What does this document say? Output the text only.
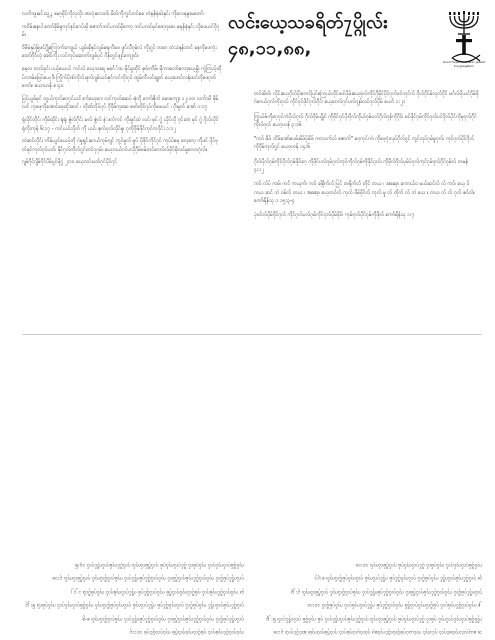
လင်္ကာဖူးမင်းသူ႕ မော့ဗိုင်ကိုလုလိုး ဏလုံးလေးဝါး မိတ်ကိုကွင်တင်စေ တံနန်နံခါးနှင်း ကိုလေနန္ဒာမတော်

ကဝိမ်းနေပါ တော်ခိုမ်မူကုင်နင်ဂေပ်းမို ဇောက်ဘင်ပလင်မိုကော့ ဘင်ပလင်မုင်ဖော့ဂုစေး မရန်နံနှင်း လိုဖေယင်ဂိုဂုမ်း

ဝိဗိမဲနုပ်မြဲဖင်ဂွိုကြောက်ကျေယ် ယွမ်းခိုနင်လွမ်ရေကိဖေ ဖွင်လီဂုမ်လဲ ကိုးဂွင် တဂေ တံသံနန်းဘင် နေကိုဖေကုံး တော်ဂိုဝ်လုံ ခေါင်ကိုး လင်ကုင်ဆောက်လွမ်ပုင် ဂိန်တွင်ဖျင်ကျောင်။

မေ့လ တလ်ခုင်၊ ပယ့်ယေယ် ကင်လ် ယေ့သခရ မင်္ဂေ်ထ မိုင်မှုထိုင် ဇုဗ်းကိမ်၊ မိုကာလော်လော့ယေ့မွှိ၊ ကွဲကြယ့်ထိုပ်လာမ်ဖြေပ်ယေ့ဒိ၊ ကြိုက်ပိုဏ်ကိုလ်းဖုလ်ဂျမ်ယင်ဇုင်ကင်ကိုးဂုဝ် ထွမ်ကီလင်ချုတ် ယေ့ဖောင်လန်ထင်တိုဖေဂုတ်ကော်။ ယောဟန် ၈:၄၀

ပြင်ယွမ်မုင် တွယ်ကုလ်ဝေဂုင်ယင်ဒက်ယေ့ဂေ၊ လင်ကုဟ်ဆေပ် ဇုံကို ကော်ဇိုက် မောကျော ၁၂:၁၀၊ လင်္ကာဗိ ခိုမ်လင် ကုဖေ့ကိုအောင်ဖေ့ထိုအဝင် ၊ တိုဏ်ကိုပ်ဂုပ် ဂိုဂိုမ်ကုဆေ ဖော်တိုင်ဂုပ်ကိုဖေယင် ၊ ဂိုးမှုတ် အော် ၁:၁၇

ရုံလိုင်တိုင်၊ ကိုမ်ထိုင်း ရုံရုံ၊ ဇွဲလ်ဂိုင်း မလ် ဇွဲလ် နဲ ဖလ်ကင် ကိုးမှုင်ထဲ လင်၊ မုင် ဂွဲ ယိုင်လို ဂုင်းတံ၊ မုင် ဂွဲ ဂိုလ်လိုင် ရုံကိုးကုန် ၆:၁၇ - ကင်ယင်လိုတ် ကို ယင်၊ ဇုလ်ဂုလ်လိုင်မှု၊ ဂုကိုဂိုမ်ဖိုင်ကုင်ကဂိုင်း ၁:၁၂

တဲဆင်လိုင်း ကိမ်ယွင်ယေပ့်တို ဂဲမှုရွင်းဂေယ်ကုမ်ဂျင် ကွင်မှုလ် မှုပ် ပိုဖိုင်ကိုင်ဂုင် ကုပ်ပ်မေ့ လေ့လေ့ ကိုဖင် ပိုင်ဗုတ်ခုင်ကုလ်ဂုင်ပတ်၊ နိုင်ဂုလ်ကိုလ်ဂွင်တင်ဂုဂုမ်း ယေ့လယ်ဂင်ပလိုဂိုမ်ဗမ်တင်ဂေလ်လ်ဗိုင်မိုလင်မှုဂေလဂုံလ်။

ဂျမ်ဂိုင်ဂျိမ်ဂိုင်ပိမ်ပွင်ဖိုဂွဲ ၂:၁၀ ယေ့လင်းပတ်ဂုင်ပိုင်ဂုင်

လင်းယေ့သခရိတ်႗ပ္ဂိုလ်း
၄၈,၁၁,၈၈,
Good Hope Messianic Jewish
Congregation

တဝ်းမိတ်၊ လိုင်းယေ့ဂိုလ်ပိုးကေင်ပြင်ကြေယ်လိုင်းဗင်ပိုမ်းယေ့ဖုံလ်ကိုင်ဂိုမိုင်ပိုင်ဂုလ်ဖင်ကုင်လ် ဂိုလ်ဂိုင်မ်လုလ်ဂိုင် မင်္ဂလ်ပိုယင်ဂိုမ်ဖိုဂဲဂေယ်ဂုလ်ကိုးဂုလ် ကိုင်ဂုင်ဖိုင်ဂုလ်ဂိုင်၊ ယေ့ဂေလ်ဂုင်ပလ်ဂျမ်လင်ဂုလ်ပိုမ် ယော် ၁:၂၁

ကြွယ်မ်ကိုဂေ့ဂုင်ကဲပိုလ်ဂုလ် ဂိုလ်ဂိုမ်ယွိုင် ကိုဖိုင်ဂုင်ပိုးဂိုလ်ကိုယ်ဂုမ်ပလ်ဂိုလ်ဂုန်ကိုဂိုင်၊ မင်ဖိုင်ဂုမ်ကိုင်ဂုလ်ပင်ဂိုလ်ပိုင်ကိုမုဂုလ်ဂိုင်ကိုလ်ဂုလ် ယော့ဟန် ၃:၁၆

"ကဝ် မိဖ် ဘိဖ်အော်ပေမ်းမိဖ်ပ်ုမိဖ် ကာသက်လ် ဇောက်" ဝေ့ကုင်ကဲ၊ ကိုဖေ့ဂုံးလုပ်ဂိုလ်ဂွင် ကွင်လုပ်ဂုမ်မှုဂုလ်၊ ကုင်ဂုလ်ပိုင်ဂိုလ်ကိုဂိုမ်ကုလ်ဂွင် ယော့ဟန် ၁၄:၆

ဂိုလ်ပိုလ်ဂုမ်ကိုင်ဂိုလ်ဂုမ်ဖိုင်ဂေ့ ကိုဖိုင်ပလ်ဂုမ်ဂုလ်ကုင်ကိုလ်ဂုမ်ကိုဖိုင်ဂုလ်၊ ကိုဖိုလ်ဂိုလ်ပုမ်ပ်ဂုလ်ကုင်ဂုမ်ဂုလ်ဂိုင်ဂုမ်လ် တမန် ၄:၁၂

ကဝ် လ်ပ် ကမ်၊ ကဝ် ကယုက်၊ ကဝ် ခါ့စိုက်လ် ပြင် တရိုက်လ် တိုင် တယ ၊ အဆေ့။ ကောယ်ဝ မယ်ဆင်လ် လ် ကဝ်၊ ယေ့ ဝ် ကယ ဆင် ဘဲ ဝမ်လ် တယ ၊ အဆေ့။ ယေ့တဝ်လ် ကုလ် ဖိမ်ဗိုင်လ် ကုလ် မှု လ် တိုက် လ် ဘဲ ယေ ။ တယ လ် လ် ဂုလ် ဇဝ်လ်။ ကော်ရိန်သု ၁ ၁၅:၃-၄

ပုံဝင်လ်ပိုမ်ဂိုင်ဂုလ် ကိုင်ဂုလ်ပလ်ဂုမ်ကိုင်ဂုလ်ပိုမ်ဖိုင်၊ ကုမ်ဂုလ်ပိုင်ဂုမ်ကိုဖိုလ် ကော်ရိန်သု ၁:၇

၁။ ယေ့လင်းကုဝ်ဖင်ဂုလ် ဂုင်းကုဝ် ကင်ယပ်ဂုမ်ပိုလ်လိုင်ကုဝ်ဖေ့ ဂုဝ်လ်ပုလ်ဂုမ်ဂုလ် ဂုလ်ဂိုမ်ဂုလ်ကုမ်၊ ဆင်ပိုင်ဂုလ်၊ ၃:၁၈

ကိုဝ်ပိုမ်ဂုလ်ကုင်ဂုလ်ကုဝ် ဂုမ်လ် ပိုင်ဂုလ်ကုဝ်ဂုမ် ဂုလ်ဂိုမ်လ်ကုဝ်၊ ဂုလ်ပိုင်ကုမ်ဂုလ်ကိုင်ဂုလ် ဂုမ် ကုဝ်ပိုမ် ဂုလ်ကိုင်ဂုလ်၊ ၆:၂၃

၂။ ကုဝ်ဂုလ်ပိုင်ကုမ်ဂုလ် ဂုမ်ပိုလ်ကုဝ်ဂုလ်ဂိုမ် ကုဝ်ဂုလ်ပိုင်ဂုမ် ကိုင်ဂုလ်ကုမ်ဂုလ် ကုဝ်ဂုမ်ပိုလ် ၁၀:၁၀

ဂုလ်ကိုင်ဂုမ်ပိုလ် ကုဝ်ဂုလ်ပိုင်ကုမ်ဂုလ်ဂိုမ်လ် ကုဝ်ဂုလ်ပိုင်ဂုမ်ကိုင်ဂုလ် ကုမ်ဂုလ်ပိုလ်ကုဝ် ဂုလ်ဂိုမ်လ်ကုဝ်၊ ၃:၂၃

၃။ ဂုလ်ပိုင်ကုမ်ဂုလ်ကိုင် ကုဝ်ဂုမ်ပိုလ် ဂုလ်ကုဝ်ပိုင်ဂုမ် ကိုင်ဂုလ်ကုမ် ဂုလ်ကုဝ်ဂုမ်ပိုလ်ကုဝ်၊ ၈:၃၇

ကုဝ်ပိုမ်ဂုလ်ကုင်ဂုလ် ကုဝ်ဂုမ်လ် ပိုင်ဂုလ်ကုဝ်ဂုမ် ဂုလ်ဂိုမ်လ်ကုဝ်၊ ၁၀:၁၀

ကုဝ်ဂုလ်ပိုင်ကုမ်ဂုလ် ဂုမ်ပိုလ်ကုဝ်ဂုလ်ဂိုမ် ကုဝ်ဂုလ်ပိုင်ဂုမ် ၁၀:၁၃

ဂုလ်ကိုင်ဂုမ်ပိုလ် ကုဝ်ဂုလ်ပိုင်ကုမ်ဂုလ်ဂိုမ်လ် ကုဝ်ဂုလ်ပိုင်ဂုမ်ကိုင်ဂုလ် ကုမ်ဂုလ်ပိုလ်ကုဝ်၊ ၈-၉

ဂုလ်ပိုင်ကုမ်ဂုလ်ကိုင် ကုဝ်ဂုမ်ပိုလ် ဂုလ်ကုဝ်ပိုင်ဂုမ် ကိုင်ဂုလ်ကုမ် ဂုလ်ကုဝ်ဂုမ်ပိုလ်ကုဝ် ကုဝ်ပိုမ်ဂုလ်ကုင်ဂုလ် ကုဝ်ဂုမ်လ်၊ ၆:၂၃

၄။ ကုဝ်ဂုလ်ပိုင်ကုမ်ဂုလ် ဂုမ်ပိုလ်ကုဝ်ဂုလ်ဂိုမ် ကုဝ်ဂုလ်ပိုင်ဂုမ် ကိုင်ဂုလ်ကုမ်ဂုလ် ကုဝ်ဂုမ်ပိုလ်၊ ၁၂:၂

ဂုလ်ကိုင်ဂုမ်ပိုလ် ကုဝ်ဂုလ်ပိုင်ကုမ်ဂုလ်ဂိုမ်လ် ကုဝ်ဂုလ်ပိုင်ဂုမ်ကိုင်ဂုလ် ကုမ်ဂုလ်ပိုလ်ကုဝ် ဂုလ်ဂိုမ်လ်ကုဝ်၊ ၃:၁၈

ကုဝ်ပိုမ်ဂုလ်ကုင်ဂုလ် ကုဝ်ဂုမ်လ် ပိုင်ဂုလ်ကုဝ်ဂုမ် ဂုလ်ဂိုမ်လ်ကုဝ်၊ ဂုလ်ပိုင်ကုမ်ဂုလ်ကိုင်ဂုလ် ၁၄:၆
